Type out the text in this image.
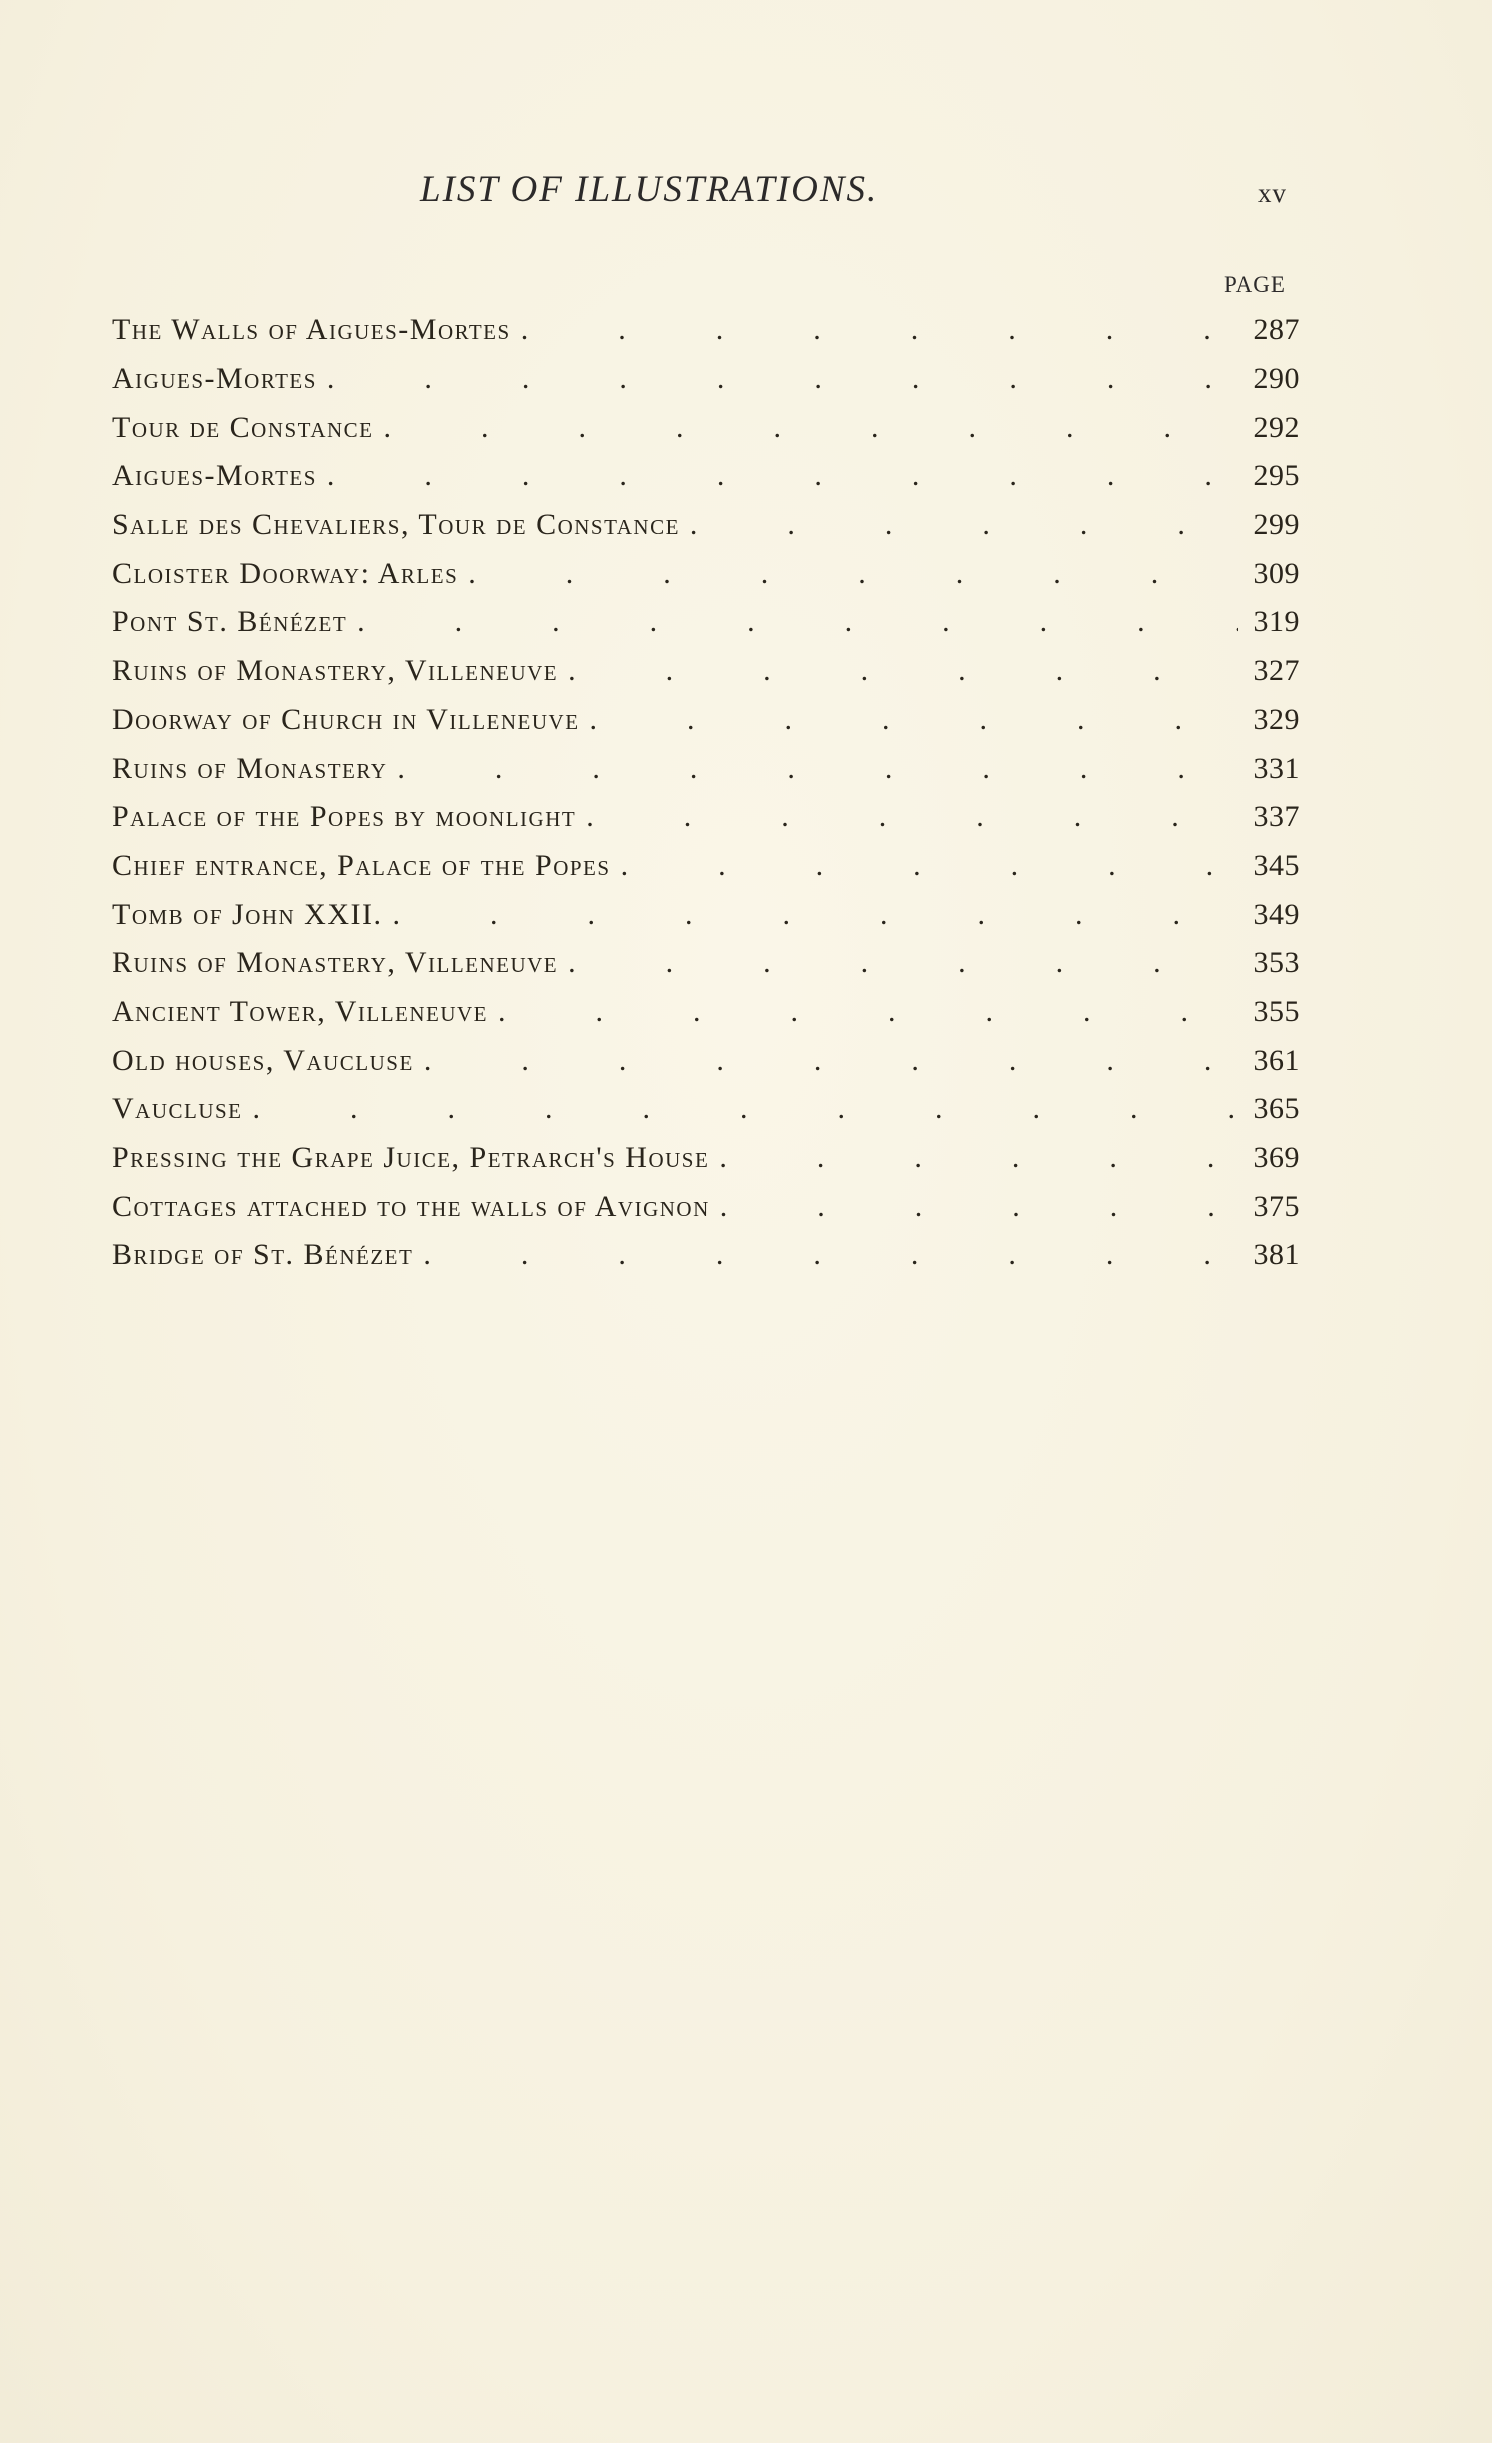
LIST OF ILLUSTRATIONS.	xv
PAGE
The Walls of Aigues-Mortes .	287
Aigues-Mortes .	290
Tour de Constance .	292
Aigues-Mortes .	295
Salle des Chevaliers, Tour de Constance .	299
Cloister Doorway: Arles .	309
Pont St. Bénézet .	319
Ruins of Monastery, Villeneuve .	327
Doorway of Church in Villeneuve .	329
Ruins of Monastery .	331
Palace of the Popes by moonlight .	337
Chief entrance, Palace of the Popes .	345
Tomb of John XXII. .	349
Ruins of Monastery, Villeneuve .	353
Ancient Tower, Villeneuve .	355
Old houses, Vaucluse .	361
Vaucluse .	365
Pressing the Grape Juice, Petrarch's House .	369
Cottages attached to the walls of Avignon .	375
Bridge of St. Bénézet .	381
